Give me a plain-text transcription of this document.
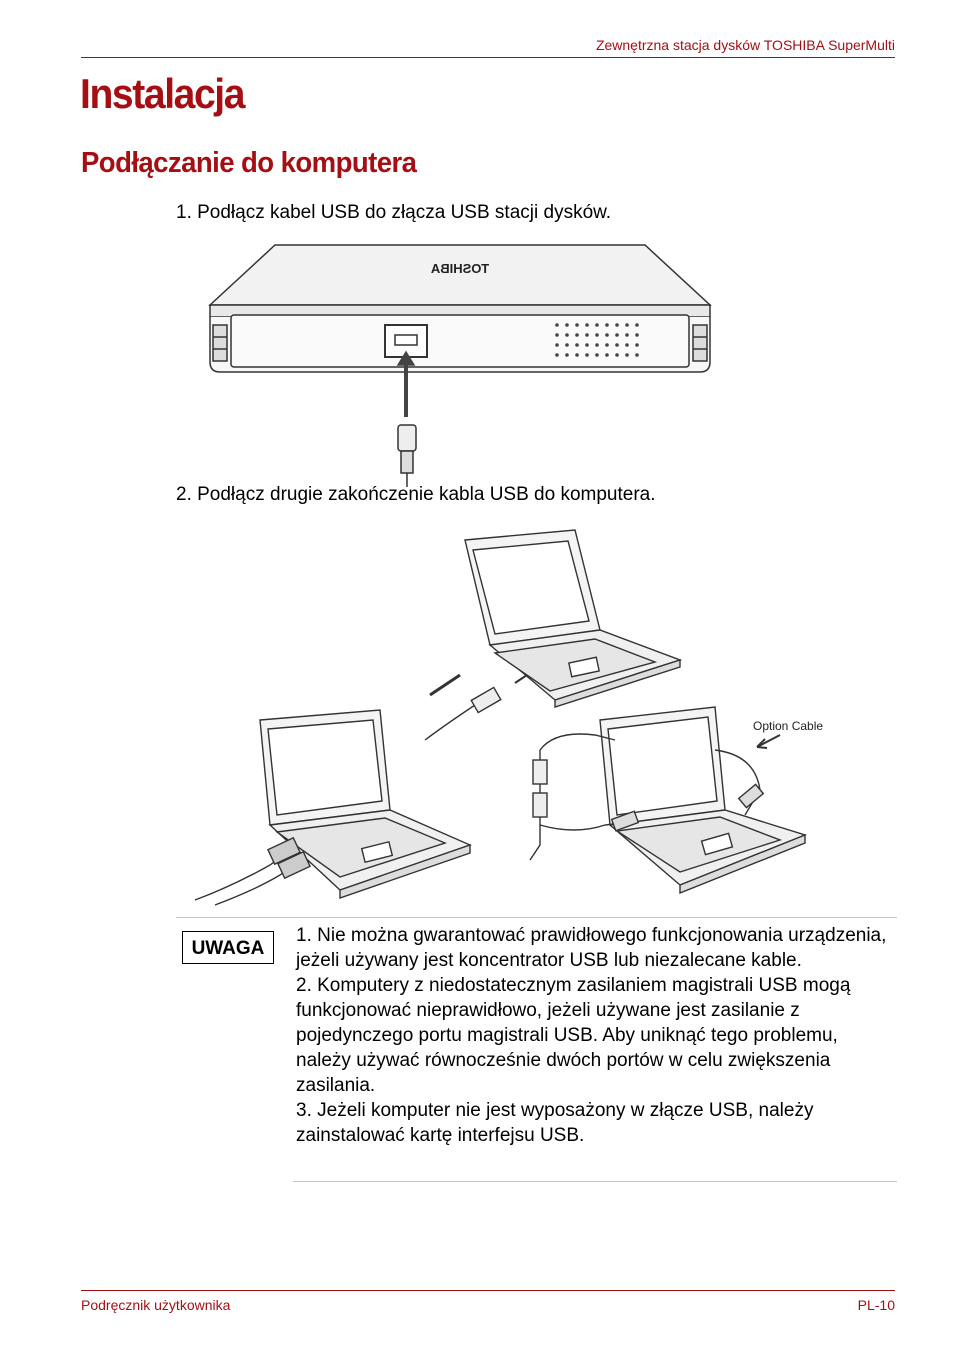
Zewnętrzna stacja dysków TOSHIBA SuperMulti
Instalacja
Podłączanie do komputera
1. Podłącz kabel USB do złącza USB stacji dysków.
TOSHIBA
2. Podłącz drugie zakończenie kabla USB do komputera.
Option Cable
UWAGA

1. Nie można gwarantować prawidłowego funkcjonowania urządzenia, jeżeli używany jest koncentrator USB lub niezalecane kable.

2. Komputery z niedostatecznym zasilaniem magistrali USB mogą funkcjonować nieprawidłowo, jeżeli używane jest zasilanie z pojedynczego portu magistrali USB. Aby uniknąć tego problemu, należy używać równocześnie dwóch portów w celu zwiększenia zasilania.

3. Jeżeli komputer nie jest wyposażony w złącze USB, należy zainstalować kartę interfejsu USB.

Podręcznik użytkownika	PL-10
